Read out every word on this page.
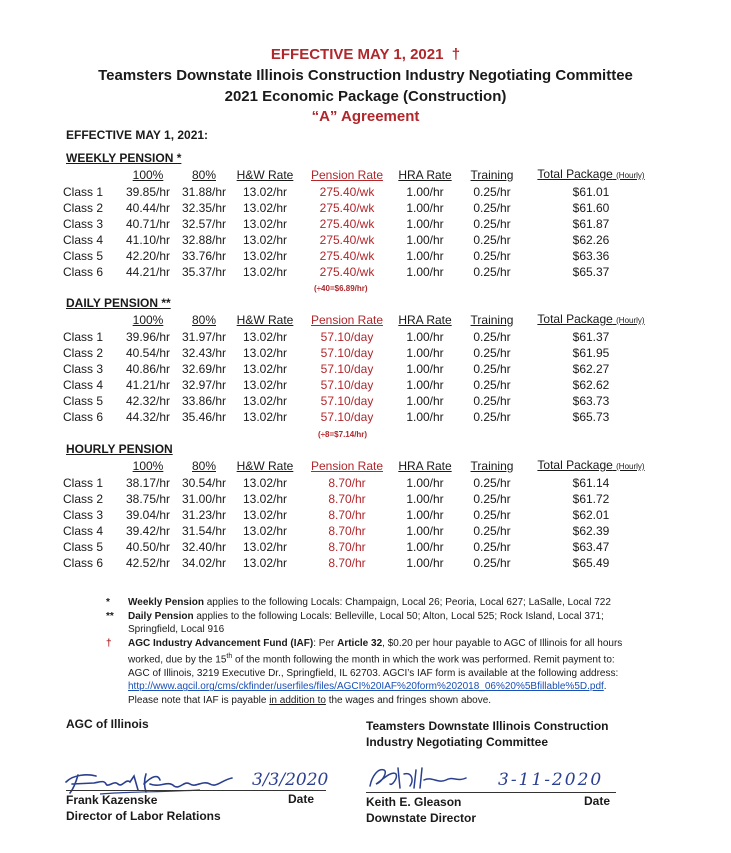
EFFECTIVE MAY 1, 2021 †
Teamsters Downstate Illinois Construction Industry Negotiating Committee
2021 Economic Package (Construction)
“A” Agreement
EFFECTIVE MAY 1, 2021:
WEEKLY PENSION *
	100%	80%	H&W Rate	Pension Rate	HRA Rate	Training	Total Package (Hourly)
Class 1	39.85/hr	31.88/hr	13.02/hr	275.40/wk	1.00/hr	0.25/hr	$61.01
Class 2	40.44/hr	32.35/hr	13.02/hr	275.40/wk	1.00/hr	0.25/hr	$61.60
Class 3	40.71/hr	32.57/hr	13.02/hr	275.40/wk	1.00/hr	0.25/hr	$61.87
Class 4	41.10/hr	32.88/hr	13.02/hr	275.40/wk	1.00/hr	0.25/hr	$62.26
Class 5	42.20/hr	33.76/hr	13.02/hr	275.40/wk	1.00/hr	0.25/hr	$63.36
Class 6	44.21/hr	35.37/hr	13.02/hr	275.40/wk	1.00/hr	0.25/hr	$65.37
(÷40=$6.89/hr)
DAILY PENSION **
	100%	80%	H&W Rate	Pension Rate	HRA Rate	Training	Total Package (Hourly)
Class 1	39.96/hr	31.97/hr	13.02/hr	57.10/day	1.00/hr	0.25/hr	$61.37
Class 2	40.54/hr	32.43/hr	13.02/hr	57.10/day	1.00/hr	0.25/hr	$61.95
Class 3	40.86/hr	32.69/hr	13.02/hr	57.10/day	1.00/hr	0.25/hr	$62.27
Class 4	41.21/hr	32.97/hr	13.02/hr	57.10/day	1.00/hr	0.25/hr	$62.62
Class 5	42.32/hr	33.86/hr	13.02/hr	57.10/day	1.00/hr	0.25/hr	$63.73
Class 6	44.32/hr	35.46/hr	13.02/hr	57.10/day	1.00/hr	0.25/hr	$65.73
(÷8=$7.14/hr)
HOURLY PENSION
	100%	80%	H&W Rate	Pension Rate	HRA Rate	Training	Total Package (Hourly)
Class 1	38.17/hr	30.54/hr	13.02/hr	8.70/hr	1.00/hr	0.25/hr	$61.14
Class 2	38.75/hr	31.00/hr	13.02/hr	8.70/hr	1.00/hr	0.25/hr	$61.72
Class 3	39.04/hr	31.23/hr	13.02/hr	8.70/hr	1.00/hr	0.25/hr	$62.01
Class 4	39.42/hr	31.54/hr	13.02/hr	8.70/hr	1.00/hr	0.25/hr	$62.39
Class 5	40.50/hr	32.40/hr	13.02/hr	8.70/hr	1.00/hr	0.25/hr	$63.47
Class 6	42.52/hr	34.02/hr	13.02/hr	8.70/hr	1.00/hr	0.25/hr	$65.49
* Weekly Pension applies to the following Locals: Champaign, Local 26; Peoria, Local 627; LaSalle, Local 722
** Daily Pension applies to the following Locals: Belleville, Local 50; Alton, Local 525; Rock Island, Local 371; Springfield, Local 916
† AGC Industry Advancement Fund (IAF): Per Article 32, $0.20 per hour payable to AGC of Illinois for all hours worked, due by the 15th of the month following the month in which the work was performed. Remit payment to: AGC of Illinois, 3219 Executive Dr., Springfield, IL 62703. AGCI’s IAF form is available at the following address: http://www.agcil.org/cms/ckfinder/userfiles/files/AGCI%20IAF%20form%202018_06%20%5Bfillable%5D.pdf. Please note that IAF is payable in addition to the wages and fringes shown above.
AGC of Illinois
3/3/2020
Date
Frank Kazenske
Director of Labor Relations
Teamsters Downstate Illinois Construction
Industry Negotiating Committee
3-11-2020
Date
Keith E. Gleason
Downstate Director
